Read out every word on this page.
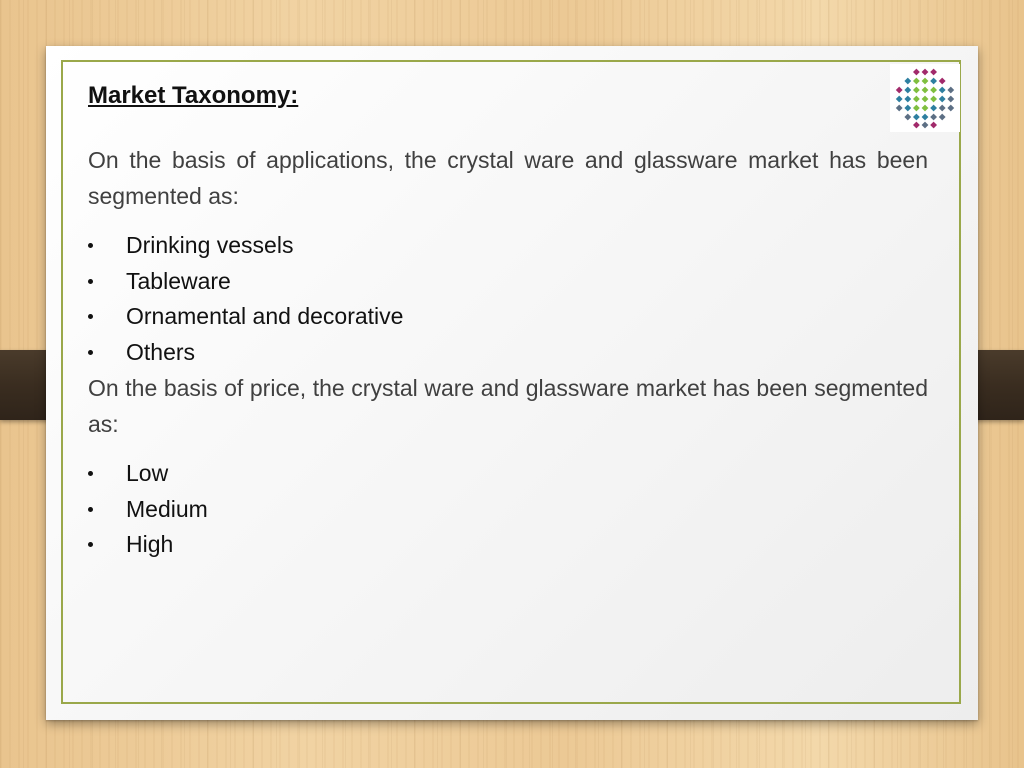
Market Taxonomy:

On the basis of applications, the crystal ware and glassware market has been segmented as:

Drinking vessels
Tableware
Ornamental and decorative
Others

On the basis of price, the crystal ware and glassware market has been segmented as:

Low
Medium
High
